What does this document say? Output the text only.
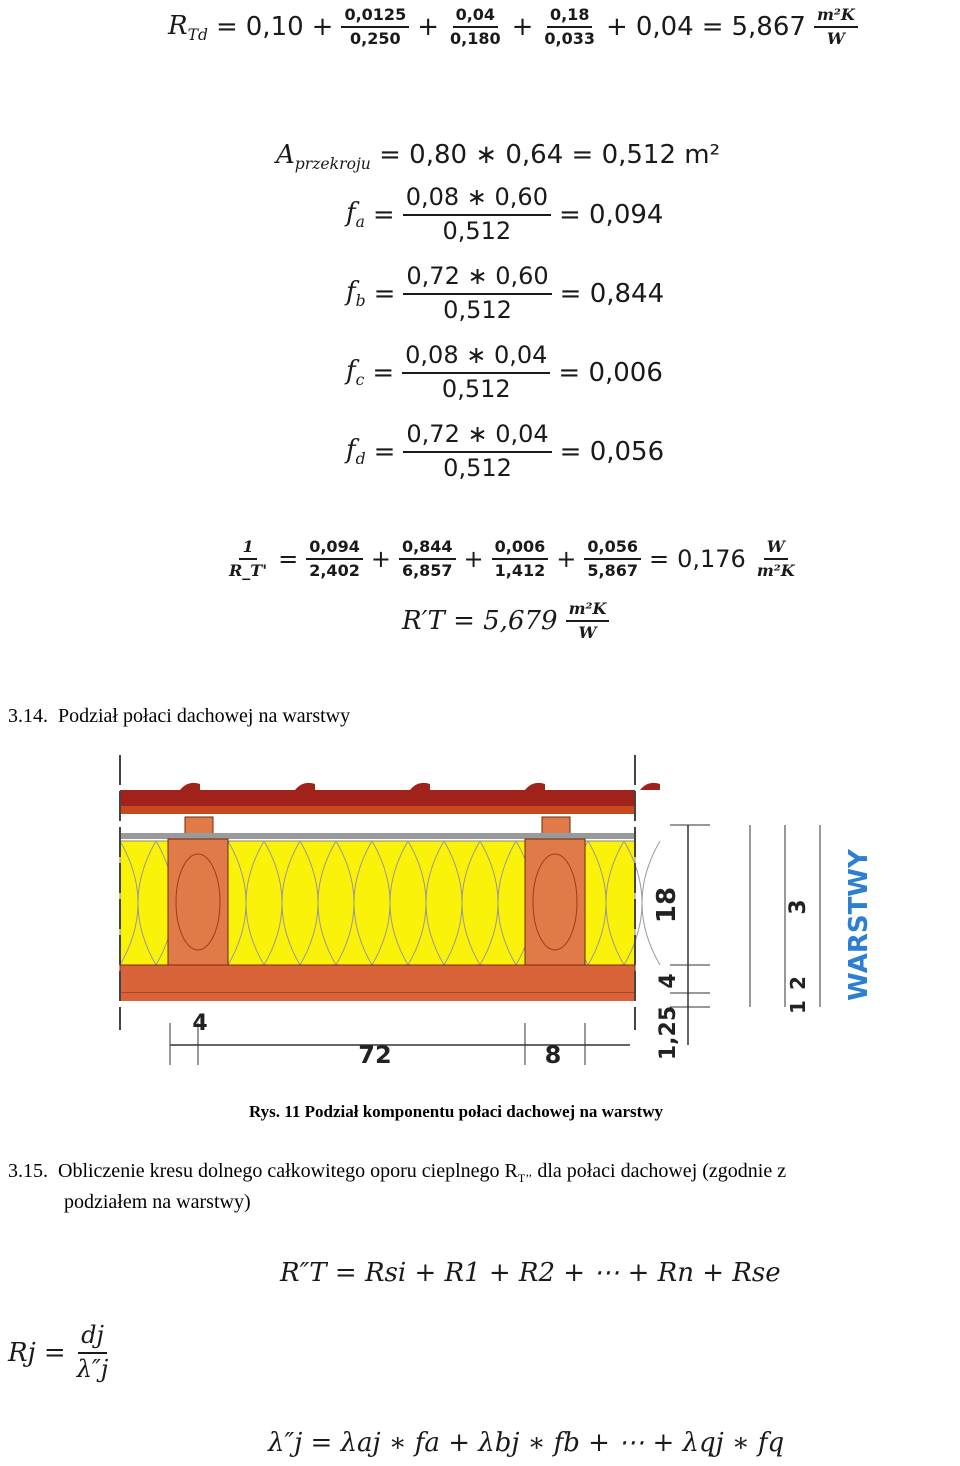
$R_{Td} = 0,10 + \frac{0,0125}{0,250} + \frac{0,04}{0,180} + \frac{0,18}{0,033} + 0,04 = 5,867 \frac{\text{m²K}}{W}$
$A_{przekroju} = 0,80$ ∗ 0,64 = 0,512 m²
$f_a = \frac{0,08 ∗ 0,60}{0,512} = 0,094$
$f_b = \frac{0,72 ∗ 0,60}{0,512} = 0,844$
$f_c = \frac{0,08 ∗ 0,04}{0,512} = 0,006$
$f_d = \frac{0,72 ∗ 0,04}{0,512} = 0,056$
$\frac{1}{R\_T'} = \frac{0,094}{2,402} + \frac{0,844}{6,857} + \frac{0,006}{1,412} + \frac{0,056}{5,867} = 0,176 \frac{W}{\text{m²K}}$
$R'T = 5,679 \frac{\text{m²K}}{W}$
3.14. Podział połaci dachowej na warstwy
18
4
1,25
3
2
1
WARSTWY
4
72	8
Rys. 11 Podział komponentu połaci dachowej na warstwy
3.15. Obliczenie kresu dolnego całkowitego oporu cieplnego $R_{T’’}$ dla połaci dachowej (zgodnie z
podziałem na warstwy)
R″T = Rsi + R1 + R2 + ⋯ + Rn + Rse
$Rj = \frac{dj}{\lambda''j}$
λ″j = λaj ∗ fa + λbj ∗ fb + ⋯ + λqj ∗ fq
